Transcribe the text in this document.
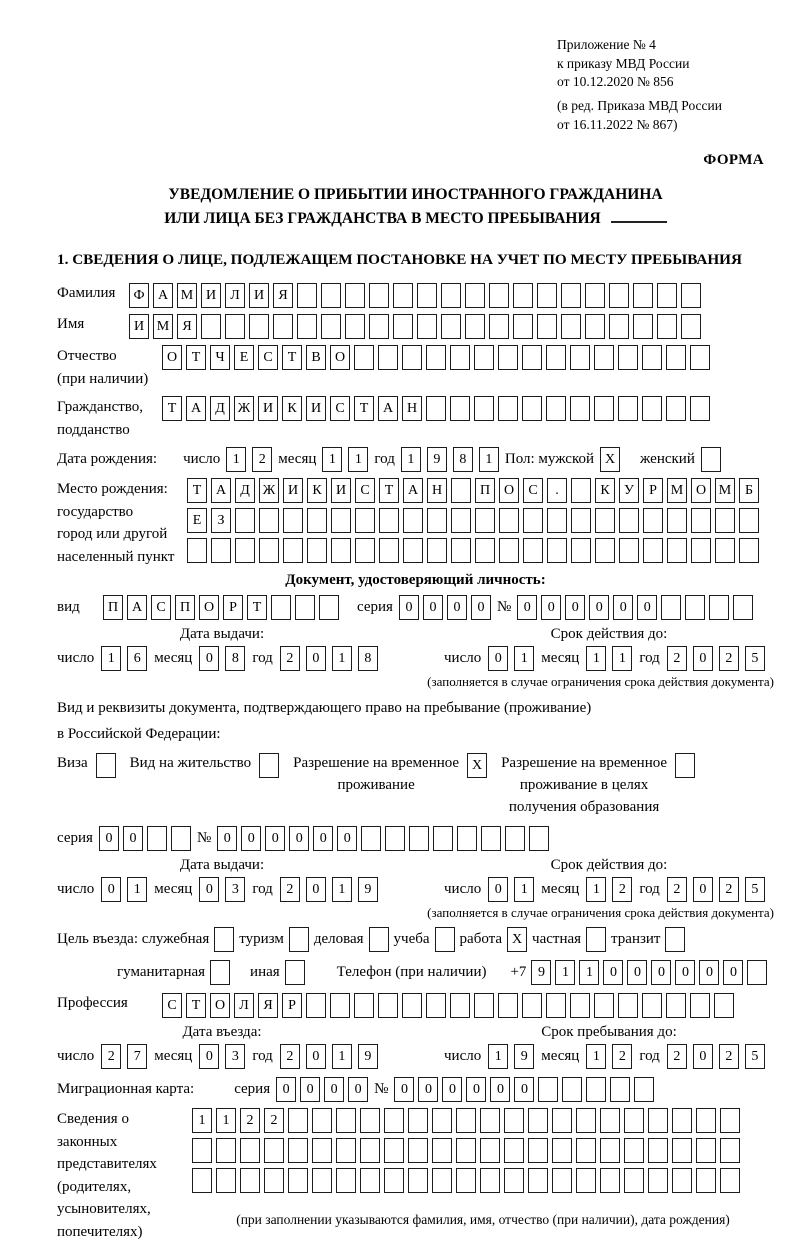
Приложение № 4
к приказу МВД России
от 10.12.2020 № 856
(в ред. Приказа МВД России
от 16.11.2022 № 867)
ФОРМА
УВЕДОМЛЕНИЕ О ПРИБЫТИИ ИНОСТРАННОГО ГРАЖДАНИНА
ИЛИ ЛИЦА БЕЗ ГРАЖДАНСТВА В МЕСТО ПРЕБЫВАНИЯ
1. СВЕДЕНИЯ О ЛИЦЕ, ПОДЛЕЖАЩЕМ ПОСТАНОВКЕ НА УЧЕТ ПО МЕСТУ ПРЕБЫВАНИЯ
Фамилия	Ф А М И	Л	И	Я
Имя	И М Я
Отчество
(при наличии)
О	Т	Ч	Е	С	Т	В	О
Гражданство,
подданство
Т	А	Д Ж И	К	И	С	Т	А Н
Дата рождения: число 1	2 месяц 1	1 год 1	9	8	1 Пол: мужской X	женский
Место рождения:
государство
город или другой
населенный пункт
Т	А	Д Ж И	К	И	С	Т	А Н	П О	С	.	К	У	Р М О М Б

Е	З

Документ, удостоверяющий личность:
вид	П А	С	П О	Р	Т	серия 0	0	0	0 № 0	0	0	0	0	0
Дата выдачи:
число 1	6 месяц 0	8 год 2	0	1	8
Срок действия до:
число 0	1 месяц 1	1 год 2	0	2	5
(заполняется в случае ограничения срока действия документа)
Вид и реквизиты документа, подтверждающего право на пребывание (проживание)
в Российской Федерации:
Виза	Вид на жительство	Разрешение на временное
проживание
X	Разрешение на временное
проживание в целях
получения образования
серия 0	0	№ 0	0	0	0	0	0
Дата выдачи:
число 0	1 месяц 0	3 год 2	0	1	9
Срок действия до:
число 0	1 месяц 1	2 год 2	0	2	5
(заполняется в случае ограничения срока действия документа)
Цель въезда: служебная туризм деловая учеба работа X частная транзит
гуманитарная	иная	Телефон (при наличии) +7 9	1	1	0	0	0	0	0	0
Профессия	С	Т	О	Л	Я	Р
Дата въезда:
число 2	7 месяц 0	3 год 2	0	1	9
Срок пребывания до:
число 1	9 месяц 1	2 год 2	0	2	5
Миграционная карта:	серия 0	0	0	0 № 0	0	0	0	0	0
Сведения о
законных
представителях
(родителях,
усыновителях,
попечителях)
1	1	2	2

(при заполнении указываются фамилия, имя, отчество (при наличии), дата рождения)
